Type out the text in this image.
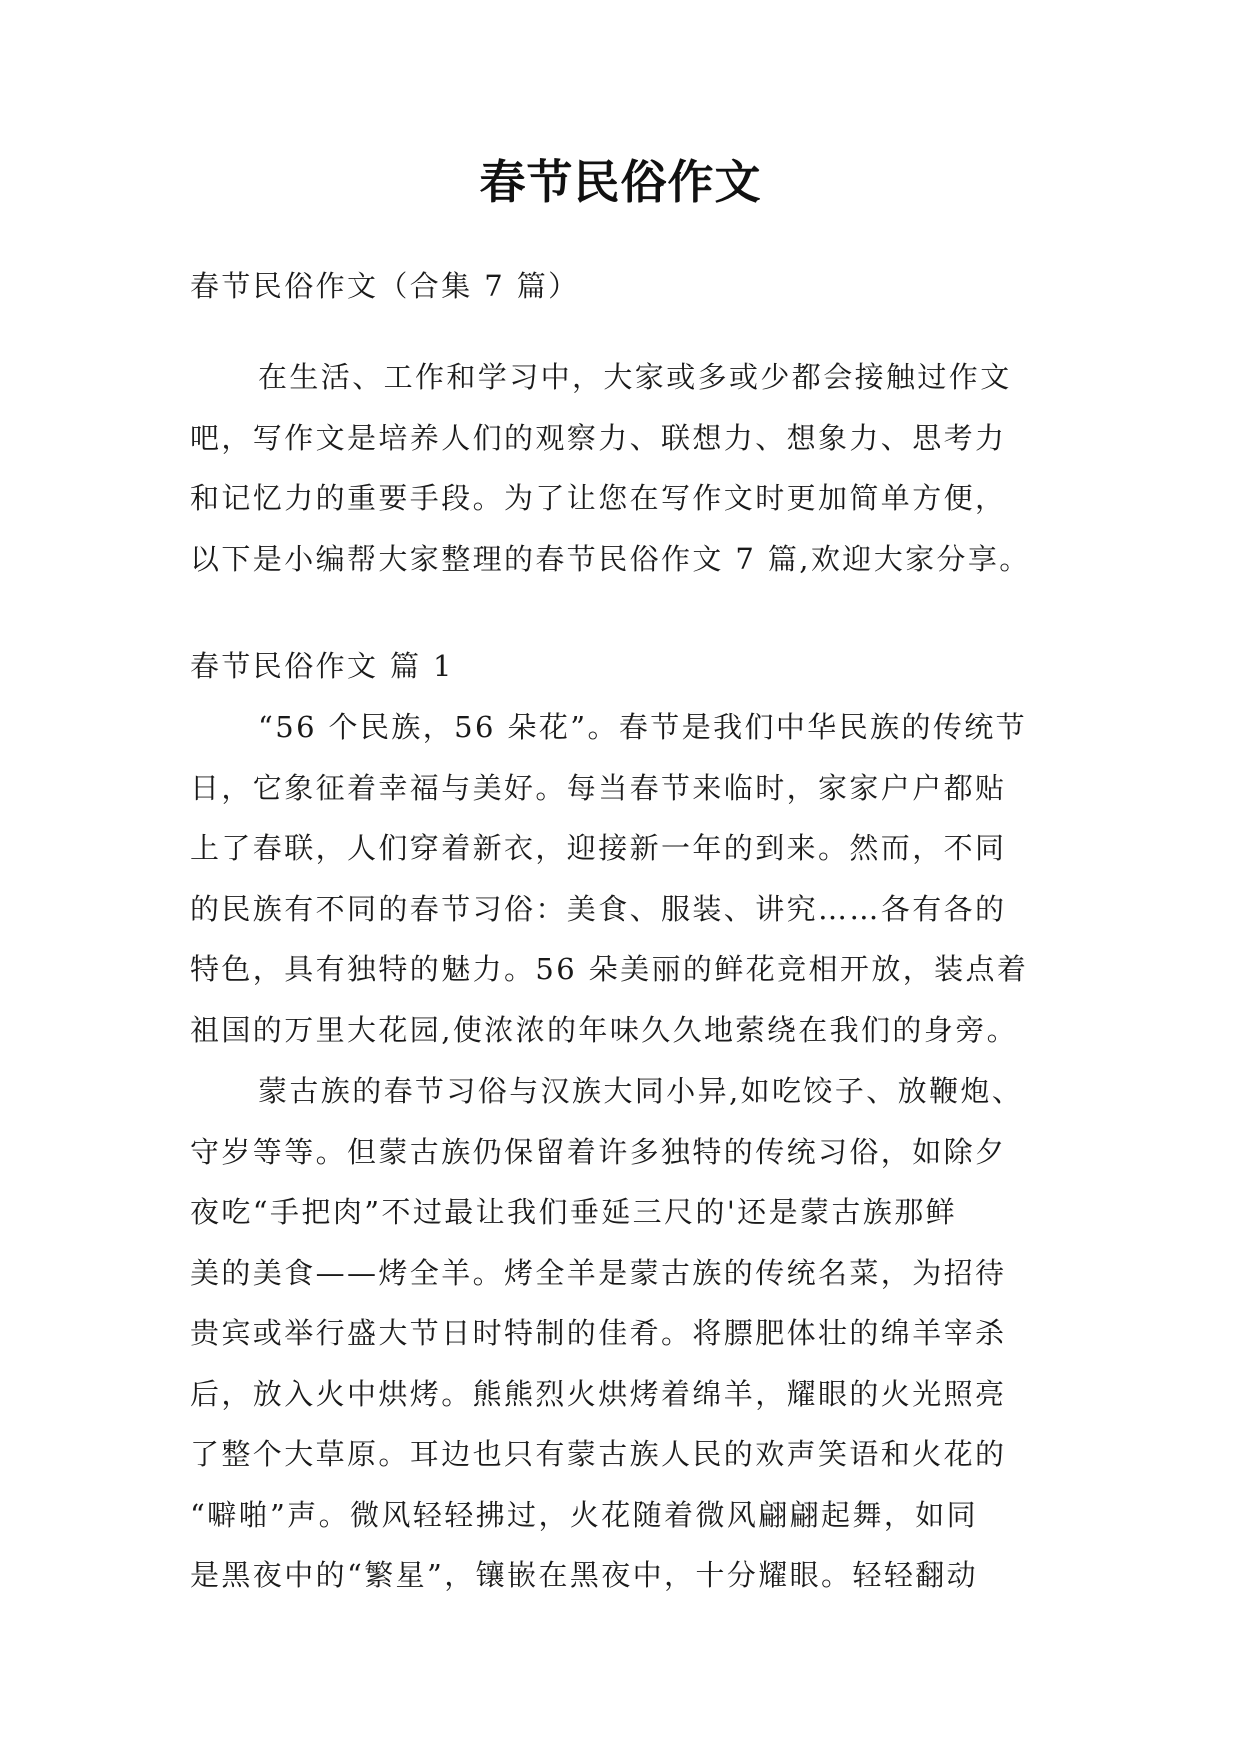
春节民俗作文
春节民俗作文（合集 7 篇）
在生活、工作和学习中，大家或多或少都会接触过作文
吧，写作文是培养人们的观察力、联想力、想象力、思考力
和记忆力的重要手段。为了让您在写作文时更加简单方便，
以下是小编帮大家整理的春节民俗作文 7 篇,欢迎大家分享。
春节民俗作文 篇 1
“56 个民族，56 朵花”。春节是我们中华民族的传统节
日，它象征着幸福与美好。每当春节来临时，家家户户都贴
上了春联，人们穿着新衣，迎接新一年的到来。然而，不同
的民族有不同的春节习俗：美食、服装、讲究……各有各的
特色，具有独特的魅力。56 朵美丽的鲜花竞相开放，装点着
祖国的万里大花园,使浓浓的年味久久地萦绕在我们的身旁。
蒙古族的春节习俗与汉族大同小异,如吃饺子、放鞭炮、
守岁等等。但蒙古族仍保留着许多独特的传统习俗，如除夕
夜吃“手把肉”不过最让我们垂延三尺的'还是蒙古族那鲜
美的美食——烤全羊。烤全羊是蒙古族的传统名菜，为招待
贵宾或举行盛大节日时特制的佳肴。将膘肥体壮的绵羊宰杀
后，放入火中烘烤。熊熊烈火烘烤着绵羊，耀眼的火光照亮
了整个大草原。耳边也只有蒙古族人民的欢声笑语和火花的
“噼啪”声。微风轻轻拂过，火花随着微风翩翩起舞，如同
是黑夜中的“繁星”，镶嵌在黑夜中，十分耀眼。轻轻翻动
